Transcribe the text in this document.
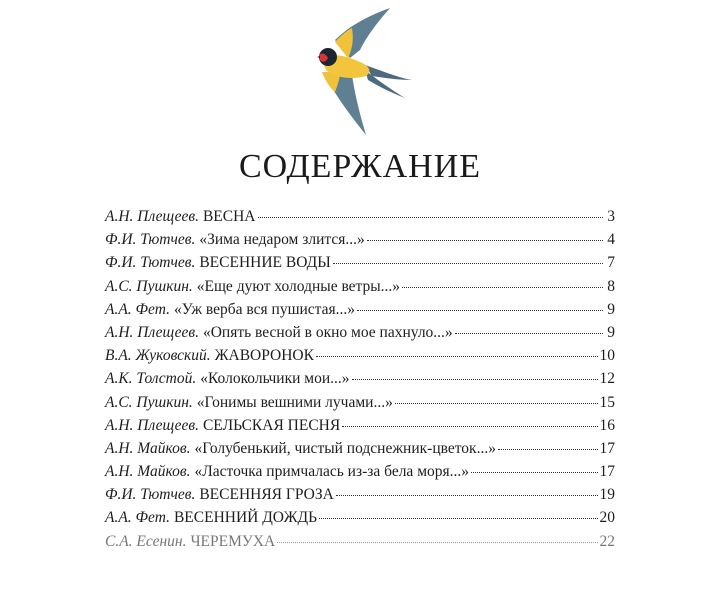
СОДЕРЖАНИЕ
А.Н. Плещеев. ВЕСНА	3
Ф.И. Тютчев. «Зима недаром злится...»	4
Ф.И. Тютчев. ВЕСЕННИЕ ВОДЫ	7
А.С. Пушкин. «Еще дуют холодные ветры...»	8
А.А. Фет. «Уж верба вся пушистая...»	9
А.Н. Плещеев. «Опять весной в окно мое пахнуло...»	9
В.А. Жуковский. ЖАВОРОНОК	10
А.К. Толстой. «Колокольчики мои...»	12
А.С. Пушкин. «Гонимы вешними лучами...»	15
А.Н. Плещеев. СЕЛЬСКАЯ ПЕСНЯ	16
А.Н. Майков. «Голубенький, чистый подснежник-цветок...»	17
А.Н. Майков. «Ласточка примчалась из-за бела моря...»	17
Ф.И. Тютчев. ВЕСЕННЯЯ ГРОЗА	19
А.А. Фет. ВЕСЕННИЙ ДОЖДЬ	20
С.А. Есенин. ЧЕРЕМУХА	22
